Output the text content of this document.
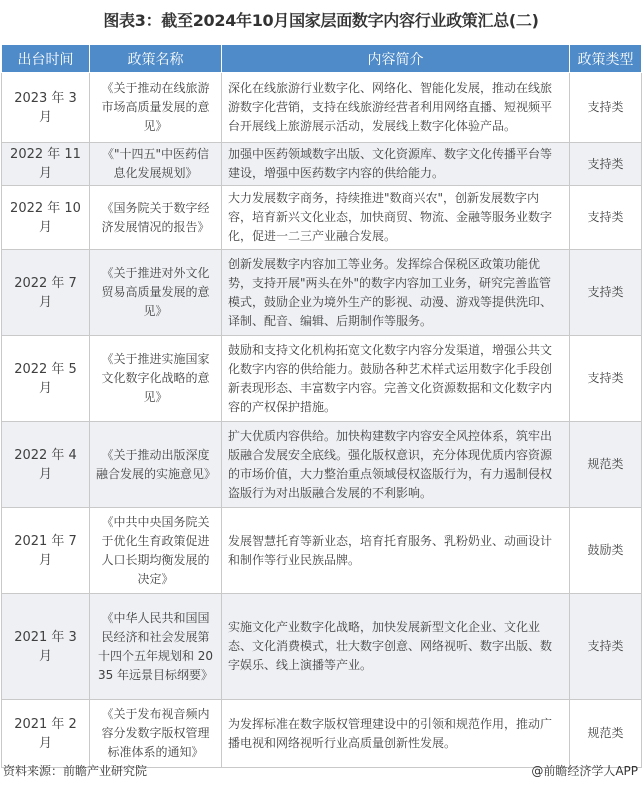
图表3：截至2024年10月国家层面数字内容行业政策汇总(二)
出台时间	政策名称	内容简介	政策类型
2023 年 3 月	《关于推动在线旅游市场高质量发展的意见》	深化在线旅游行业数字化、网络化、智能化发展，推动在线旅游数字化营销，支持在线旅游经营者利用网络直播、短视频平台开展线上旅游展示活动，发展线上数字化体验产品。	支持类
2022 年 11 月	《"十四五"中医药信息化发展规划》	加强中医药领域数字出版、文化资源库、数字文化传播平台等建设，增强中医药数字内容的供给能力。	支持类
2022 年 10 月	《国务院关于数字经济发展情况的报告》	大力发展数字商务，持续推进"数商兴农"，创新发展数字内容，培育新兴文化业态，加快商贸、物流、金融等服务业数字化，促进一二三产业融合发展。	支持类
2022 年 7 月	《关于推进对外文化贸易高质量发展的意见》	创新发展数字内容加工等业务。发挥综合保税区政策功能优势，支持开展"两头在外"的数字内容加工业务，研究完善监管模式，鼓励企业为境外生产的影视、动漫、游戏等提供洗印、译制、配音、编辑、后期制作等服务。	支持类
2022 年 5 月	《关于推进实施国家文化数字化战略的意见》	鼓励和支持文化机构拓宽文化数字内容分发渠道，增强公共文化数字内容的供给能力。鼓励各种艺术样式运用数字化手段创新表现形态、丰富数字内容。完善文化资源数据和文化数字内容的产权保护措施。	支持类
2022 年 4 月	《关于推动出版深度融合发展的实施意见》	扩大优质内容供给。加快构建数字内容安全风控体系，筑牢出版融合发展安全底线。强化版权意识，充分体现优质内容资源的市场价值，大力整治重点领域侵权盗版行为，有力遏制侵权盗版行为对出版融合发展的不利影响。	规范类
2021 年 7 月	《中共中央国务院关于优化生育政策促进人口长期均衡发展的决定》	发展智慧托育等新业态，培育托育服务、乳粉奶业、动画设计和制作等行业民族品牌。	鼓励类
2021 年 3 月	《中华人民共和国国民经济和社会发展第十四个五年规划和 2035 年远景目标纲要》	实施文化产业数字化战略，加快发展新型文化企业、文化业态、文化消费模式，壮大数字创意、网络视听、数字出版、数字娱乐、线上演播等产业。	支持类
2021 年 2 月	《关于发布视音频内容分发数字版权管理标准体系的通知》	为发挥标准在数字版权管理建设中的引领和规范作用，推动广播电视和网络视听行业高质量创新性发展。	规范类
资料来源：前瞻产业研究院	@前瞻经济学人APP
